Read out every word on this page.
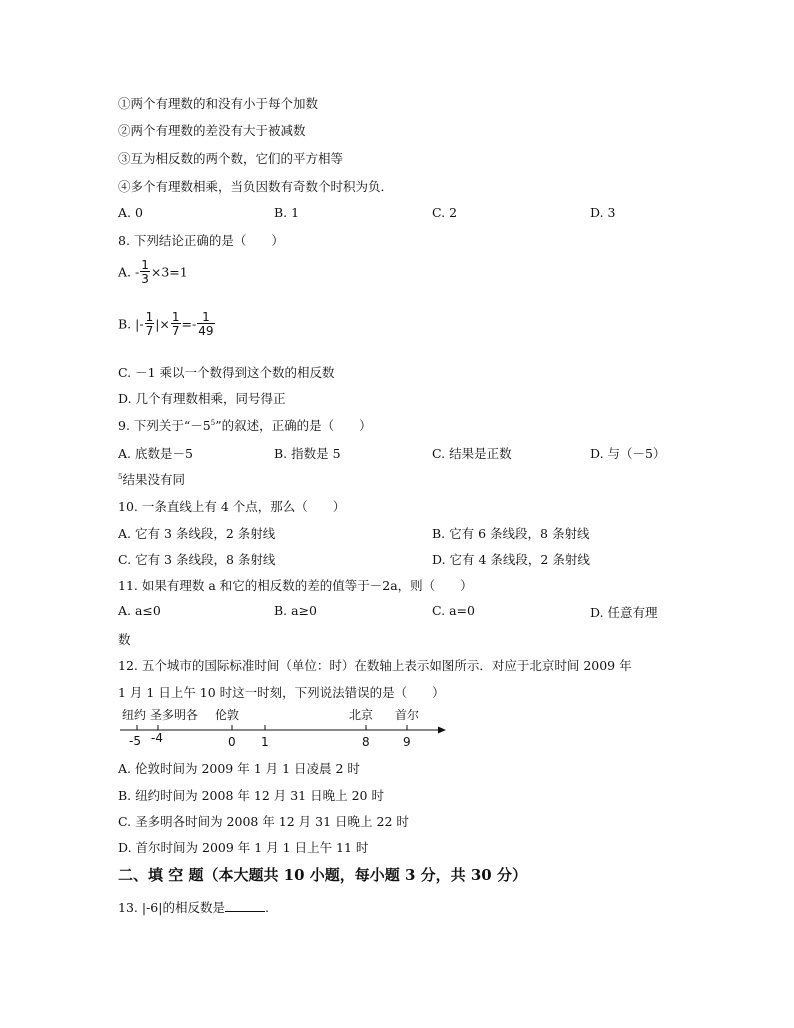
①两个有理数的和没有小于每个加数
②两个有理数的差没有大于被减数
③互为相反数的两个数，它们的平方相等
④多个有理数相乘，当负因数有奇数个时积为负．
A. 0	B. 1	C. 2	D. 3
8. 下列结论正确的是（　　）
A. - $\frac{1}{3} \times 3=1$
B. |- $\frac{1}{7}$ |× $\frac{1}{7} =- \frac{1}{49}$
C. －1 乘以一个数得到这个数的相反数
D. 几个有理数相乘，同号得正
9. 下列关于“$-5^5$”的叙述，正确的是（　　）
A. 底数是－5	B. 指数是 5	C. 结果是正数	D. 与（－5）
$^5$结果没有同
10. 一条直线上有 4 个点，那么（　　）
A. 它有 3 条线段，2 条射线	B. 它有 6 条线段，8 条射线
C. 它有 3 条线段，8 条射线	D. 它有 4 条线段，2 条射线
11. 如果有理数 a 和它的相反数的差的值等于－2a，则（　　）
A. a≤0	B. a≥0	C. a=0	D. 任意有理
数
12. 五个城市的国际标准时间（单位：时）在数轴上表示如图所示．对应于北京时间 2009 年
1 月 1 日上午 10 时这一时刻，下列说法错误的是（　　）
纽约 圣多明各 伦敦	北京 首尔
-5 -4	0 1	8	9
A. 伦敦时间为 2009 年 1 月 1 日凌晨 2 时
B. 纽约时间为 2008 年 12 月 31 日晚上 20 时
C. 圣多明各时间为 2008 年 12 月 31 日晚上 22 时
D. 首尔时间为 2009 年 1 月 1 日上午 11 时
二、填 空 题（本大题共 10 小题，每小题 3 分，共 30 分）
13. |-6|的相反数是	.
